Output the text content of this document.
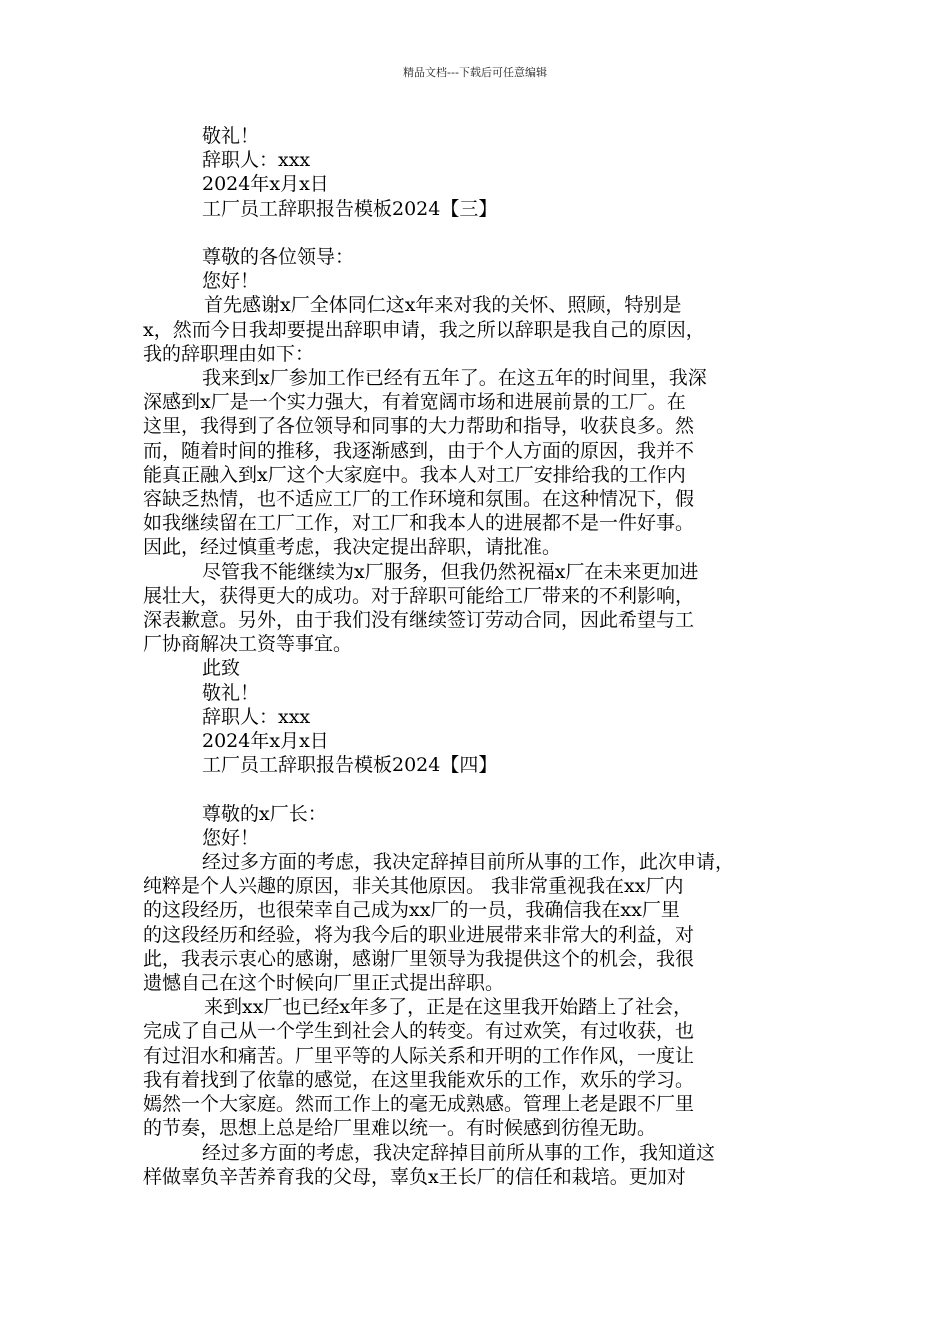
精品文档---下载后可任意编辑
敬礼！
辞职人：xxx
2024年x月x日
工厂员工辞职报告模板2024【三】
尊敬的各位领导：
您好！
首先感谢x厂全体同仁这x年来对我的关怀、照顾，特别是
x，然而今日我却要提出辞职申请，我之所以辞职是我自己的原因，
我的辞职理由如下：
我来到x厂参加工作已经有五年了。在这五年的时间里，我深
深感到x厂是一个实力强大，有着宽阔市场和进展前景的工厂。在
这里，我得到了各位领导和同事的大力帮助和指导，收获良多。然
而，随着时间的推移，我逐渐感到，由于个人方面的原因，我并不
能真正融入到x厂这个大家庭中。我本人对工厂安排给我的工作内
容缺乏热情，也不适应工厂的工作环境和氛围。在这种情况下，假
如我继续留在工厂工作，对工厂和我本人的进展都不是一件好事。
因此，经过慎重考虑，我决定提出辞职，请批准。
尽管我不能继续为x厂服务，但我仍然祝福x厂在未来更加进
展壮大，获得更大的成功。对于辞职可能给工厂带来的不利影响，
深表歉意。另外，由于我们没有继续签订劳动合同，因此希望与工
厂协商解决工资等事宜。
此致
敬礼！
辞职人：xxx
2024年x月x日
工厂员工辞职报告模板2024【四】
尊敬的x厂长：
您好！
经过多方面的考虑，我决定辞掉目前所从事的工作，此次申请，
纯粹是个人兴趣的原因，非关其他原因。 我非常重视我在xx厂内
的这段经历，也很荣幸自己成为xx厂的一员，我确信我在xx厂里
的这段经历和经验，将为我今后的职业进展带来非常大的利益，对
此，我表示衷心的感谢，感谢厂里领导为我提供这个的机会，我很
遗憾自己在这个时候向厂里正式提出辞职。
来到xx厂也已经x年多了，正是在这里我开始踏上了社会，
完成了自己从一个学生到社会人的转变。有过欢笑，有过收获，也
有过泪水和痛苦。厂里平等的人际关系和开明的工作作风，一度让
我有着找到了依靠的感觉，在这里我能欢乐的工作，欢乐的学习。
嫣然一个大家庭。然而工作上的毫无成熟感。管理上老是跟不厂里
的节奏，思想上总是给厂里难以统一。有时候感到彷徨无助。
经过多方面的考虑，我决定辞掉目前所从事的工作，我知道这
样做辜负辛苦养育我的父母，辜负x王长厂的信任和栽培。更加对
